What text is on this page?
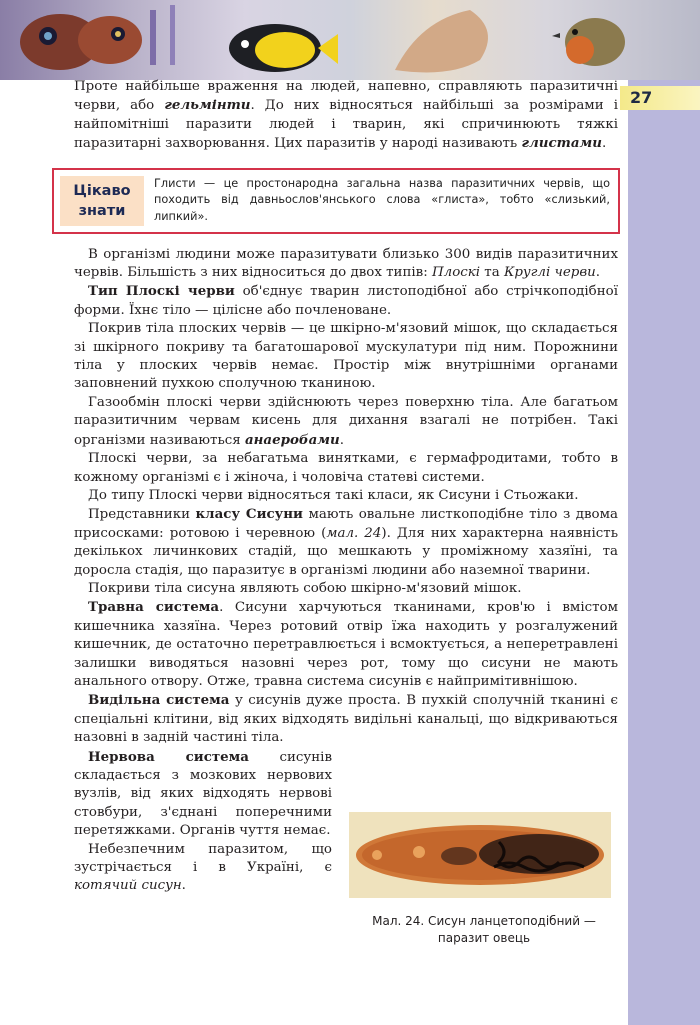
27

Проте найбільше враження на людей, напевно, справляють паразитичні черви, або гельмінти. До них відносяться найбільші за розмірами і найпомітніші паразити людей і тварин, які спричинюють тяжкі паразитарні захворювання. Цих паразитів у народі називають глистами.

Цікаво знати
Глисти — це простонародна загальна назва паразитичних червів, що походить від давньослов'янського слова «глиста», тобто «слизький, липкий».

В організмі людини може паразитувати близько 300 видів паразитичних червів. Більшість з них відноситься до двох типів: Плоскі та Круглі черви.

Тип Плоскі черви об'єднує тварин листоподібної або стрічкоподібної форми. Їхнє тіло — цілісне або почленоване.

Покрив тіла плоских червів — це шкірно-м'язовий мішок, що складається зі шкірного покриву та багатошарової мускулатури під ним. Порожнини тіла у плоских червів немає. Простір між внутрішніми органами заповнений пухкою сполучною тканиною.

Газообмін плоскі черви здійснюють через поверхню тіла. Але багатьом паразитичним червам кисень для дихання взагалі не потрібен. Такі організми називаються анаеробами.

Плоскі черви, за небагатьма винятками, є гермафродитами, тобто в кожному організмі є і жіноча, і чоловіча статеві системи.

До типу Плоскі черви відносяться такі класи, як Сисуни і Стьожаки.

Представники класу Сисуни мають овальне листкоподібне тіло з двома присосками: ротовою і черевною (мал. 24). Для них характерна наявність декількох личинкових стадій, що мешкають у проміжному хазяїні, та доросла стадія, що паразитує в організмі людини або наземної тварини.

Покриви тіла сисуна являють собою шкірно-м'язовий мішок.

Травна система. Сисуни харчуються тканинами, кров'ю і вмістом кишечника хазяїна. Через ротовий отвір їжа находить у розгалужений кишечник, де остаточно перетравлюється і всмоктується, а неперетравлені залишки виводяться назовні через рот, тому що сисуни не мають анального отвору. Отже, травна система сисунів є найпримітивнішою.

Видільна система у сисунів дуже проста. В пухкій сполучній тканині є спеціальні клітини, від яких відходять видільні канальці, що відкриваються назовні в задній частині тіла.

Нервова система сисунів складається з мозкових нервових вузлів, від яких відходять нервові стовбури, з'єднані поперечними перетяжками. Органів чуття немає.

Небезпечним паразитом, що зустрічається і в Україні, є котячий сисун.

Мал. 24. Сисун ланцетоподібний — паразит овець
